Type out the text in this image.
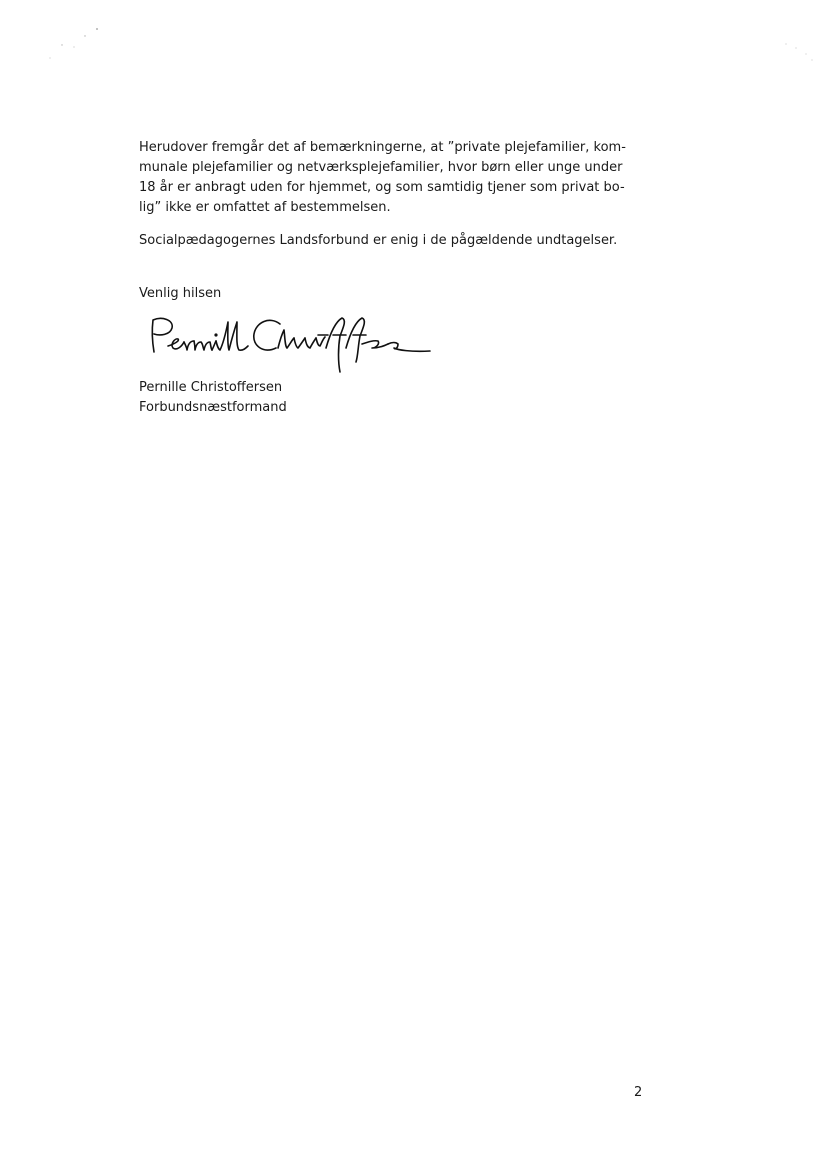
Herudover fremgår det af bemærkningerne, at ”private plejefamilier, kom-
munale plejefamilier og netværksplejefamilier, hvor børn eller unge under
18 år er anbragt uden for hjemmet, og som samtidig tjener som privat bo-
lig” ikke er omfattet af bestemmelsen.

Socialpædagogernes Landsforbund er enig i de pågældende undtagelser.

Venlig hilsen

Pernille Christoffersen

Forbundsnæstformand

2
